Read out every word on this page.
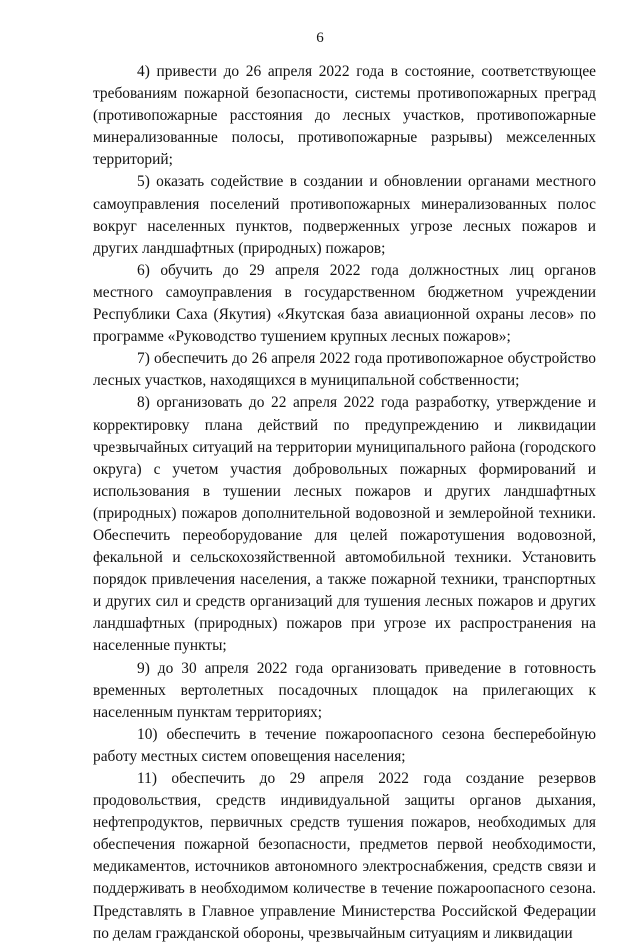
6

4) привести до 26 апреля 2022 года в состояние, соответствующее требованиям пожарной безопасности, системы противопожарных преград (противопожарные расстояния до лесных участков, противопожарные минерализованные полосы, противопожарные разрывы) межселенных территорий;

5) оказать содействие в создании и обновлении органами местного самоуправления поселений противопожарных минерализованных полос вокруг населенных пунктов, подверженных угрозе лесных пожаров и других ландшафтных (природных) пожаров;

6) обучить до 29 апреля 2022 года должностных лиц органов местного самоуправления в государственном бюджетном учреждении Республики Саха (Якутия) «Якутская база авиационной охраны лесов» по программе «Руководство тушением крупных лесных пожаров»;

7) обеспечить до 26 апреля 2022 года противопожарное обустройство лесных участков, находящихся в муниципальной собственности;

8) организовать до 22 апреля 2022 года разработку, утверждение и корректировку плана действий по предупреждению и ликвидации чрезвычайных ситуаций на территории муниципального района (городского округа) с учетом участия добровольных пожарных формирований и использования в тушении лесных пожаров и других ландшафтных (природных) пожаров дополнительной водовозной и землеройной техники. Обеспечить переоборудование для целей пожаротушения водовозной, фекальной и сельскохозяйственной автомобильной техники. Установить порядок привлечения населения, а также пожарной техники, транспортных и других сил и средств организаций для тушения лесных пожаров и других ландшафтных (природных) пожаров при угрозе их распространения на населенные пункты;

9) до 30 апреля 2022 года организовать приведение в готовность временных вертолетных посадочных площадок на прилегающих к населенным пунктам территориях;

10) обеспечить в течение пожароопасного сезона бесперебойную работу местных систем оповещения населения;

11) обеспечить до 29 апреля 2022 года создание резервов продовольствия, средств индивидуальной защиты органов дыхания, нефтепродуктов, первичных средств тушения пожаров, необходимых для обеспечения пожарной безопасности, предметов первой необходимости, медикаментов, источников автономного электроснабжения, средств связи и поддерживать в необходимом количестве в течение пожароопасного сезона. Представлять в Главное управление Министерства Российской Федерации по делам гражданской обороны, чрезвычайным ситуациям и ликвидации
